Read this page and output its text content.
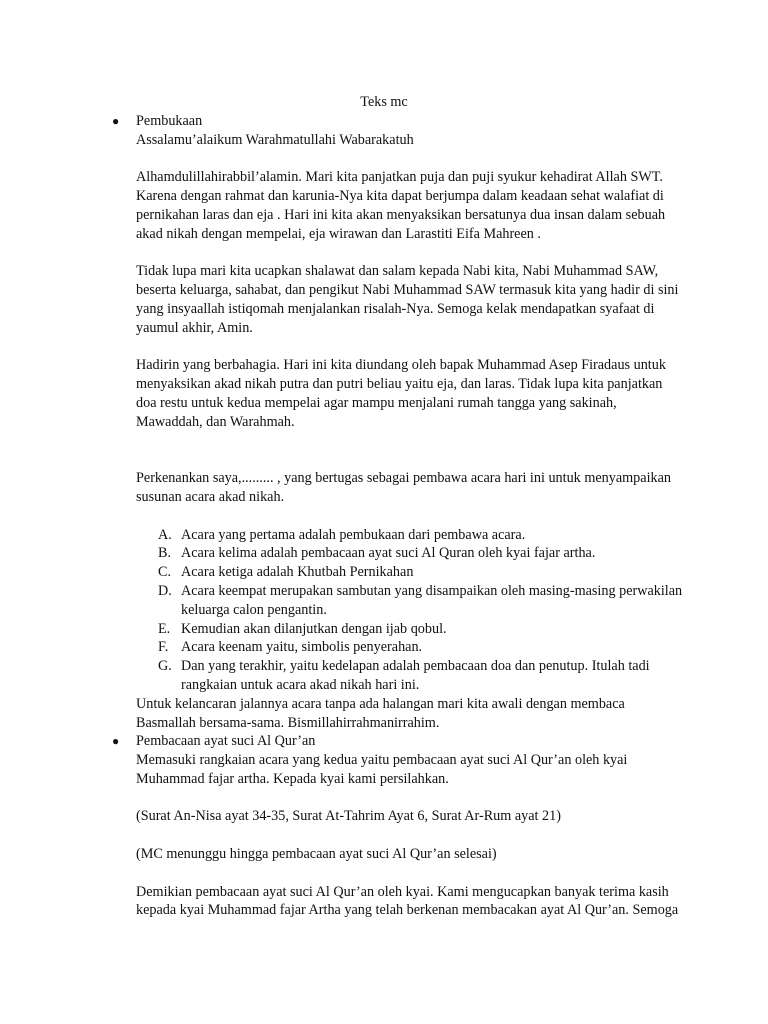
Teks mc
● Pembukaan

Assalamu’alaikum Warahmatullahi Wabarakatuh

Alhamdulillahirabbil’alamin. Mari kita panjatkan puja dan puji syukur kehadirat Allah SWT. Karena dengan rahmat dan karunia-Nya kita dapat berjumpa dalam keadaan sehat walafiat di pernikahan laras dan eja . Hari ini kita akan menyaksikan bersatunya dua insan dalam sebuah akad nikah dengan mempelai, eja wirawan dan Larastiti Eifa Mahreen .

Tidak lupa mari kita ucapkan shalawat dan salam kepada Nabi kita, Nabi Muhammad SAW, beserta keluarga, sahabat, dan pengikut Nabi Muhammad SAW termasuk kita yang hadir di sini yang insyaallah istiqomah menjalankan risalah-Nya. Semoga kelak mendapatkan syafaat di yaumul akhir, Amin.

Hadirin yang berbahagia. Hari ini kita diundang oleh bapak Muhammad Asep Firadaus untuk menyaksikan akad nikah putra dan putri beliau yaitu eja, dan laras. Tidak lupa kita panjatkan doa restu untuk kedua mempelai agar mampu menjalani rumah tangga yang sakinah, Mawaddah, dan Warahmah.

Perkenankan saya,......... , yang bertugas sebagai pembawa acara hari ini untuk menyampaikan susunan acara akad nikah.

A. Acara yang pertama adalah pembukaan dari pembawa acara.
B. Acara kelima adalah pembacaan ayat suci Al Quran oleh kyai fajar artha.
C. Acara ketiga adalah Khutbah Pernikahan
D. Acara keempat merupakan sambutan yang disampaikan oleh masing-masing perwakilan keluarga calon pengantin.
E. Kemudian akan dilanjutkan dengan ijab qobul.
F. Acara keenam yaitu, simbolis penyerahan.
G. Dan yang terakhir, yaitu kedelapan adalah pembacaan doa dan penutup. Itulah tadi rangkaian untuk acara akad nikah hari ini.

Untuk kelancaran jalannya acara tanpa ada halangan mari kita awali dengan membaca Basmallah bersama-sama. Bismillahirrahmanirrahim.

● Pembacaan ayat suci Al Qur’an

Memasuki rangkaian acara yang kedua yaitu pembacaan ayat suci Al Qur’an oleh kyai Muhammad fajar artha. Kepada kyai kami persilahkan.

(Surat An-Nisa ayat 34-35, Surat At-Tahrim Ayat 6, Surat Ar-Rum ayat 21)

(MC menunggu hingga pembacaan ayat suci Al Qur’an selesai)

Demikian pembacaan ayat suci Al Qur’an oleh kyai. Kami mengucapkan banyak terima kasih kepada kyai Muhammad fajar Artha yang telah berkenan membacakan ayat Al Qur’an. Semoga
